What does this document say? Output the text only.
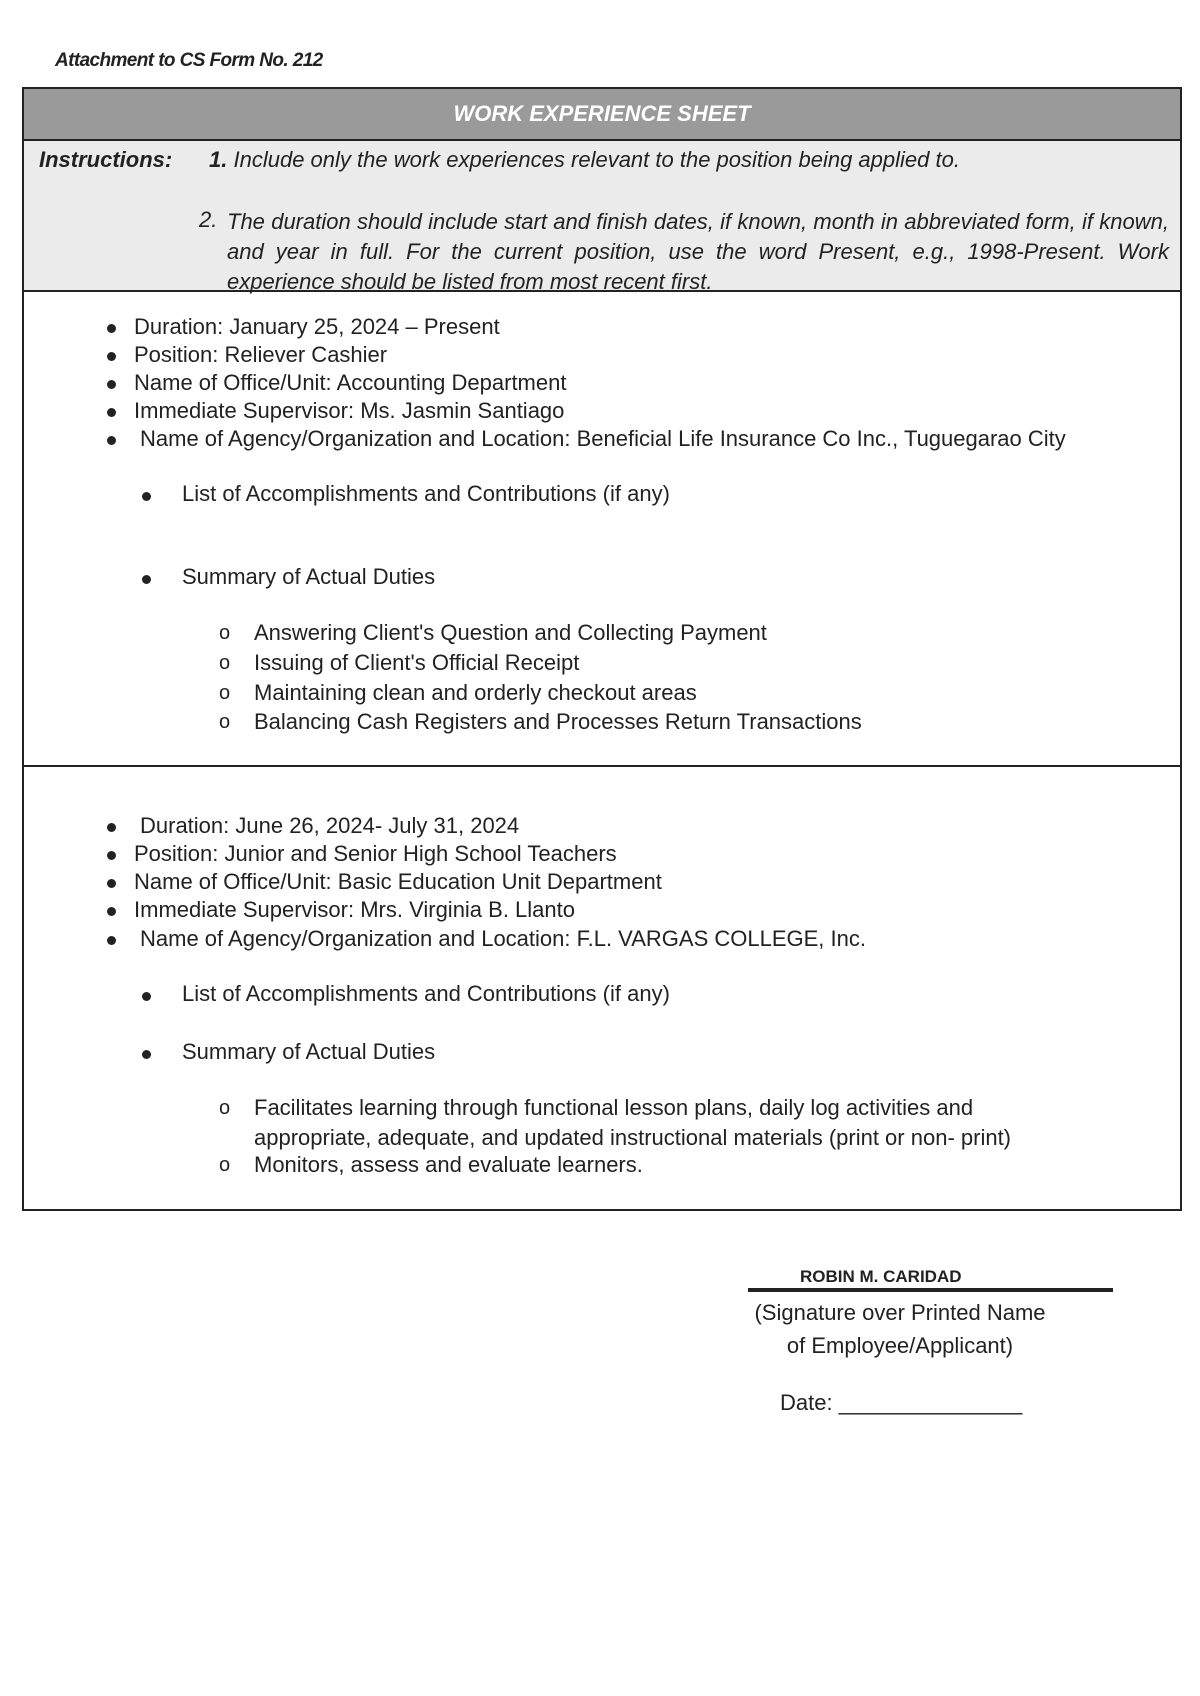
Attachment to CS Form No. 212
WORK EXPERIENCE SHEET
Instructions: 1. Include only the work experiences relevant to the position being applied to.
2. The duration should include start and finish dates, if known, month in abbreviated form, if known, and year in full. For the current position, use the word Present, e.g., 1998-Present. Work experience should be listed from most recent first.
Duration: January 25, 2024 – Present
Position: Reliever Cashier
Name of Office/Unit: Accounting Department
Immediate Supervisor: Ms. Jasmin Santiago
Name of Agency/Organization and Location: Beneficial Life Insurance Co Inc., Tuguegarao City
List of Accomplishments and Contributions (if any)
Summary of Actual Duties
o Answering Client's Question and Collecting Payment
o Issuing of Client's Official Receipt
o Maintaining clean and orderly checkout areas
o Balancing Cash Registers and Processes Return Transactions
Duration: June 26, 2024- July 31, 2024
Position: Junior and Senior High School Teachers
Name of Office/Unit: Basic Education Unit Department
Immediate Supervisor: Mrs. Virginia B. Llanto
Name of Agency/Organization and Location: F.L. VARGAS COLLEGE, Inc.
List of Accomplishments and Contributions (if any)
Summary of Actual Duties
o Facilitates learning through functional lesson plans, daily log activities and
appropriate, adequate, and updated instructional materials (print or non- print)
o Monitors, assess and evaluate learners.
ROBIN M. CARIDAD
(Signature over Printed Name
of Employee/Applicant)
Date: _______________
